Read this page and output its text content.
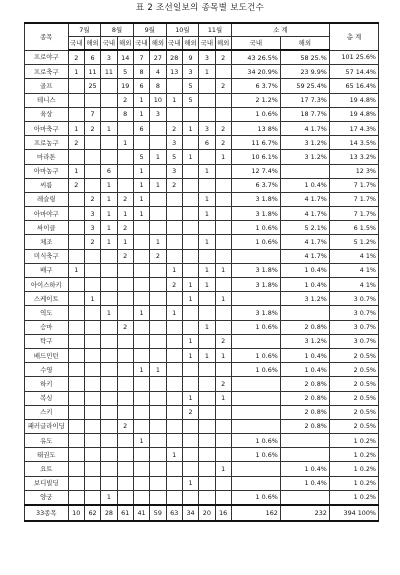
표 2 조선일보의 종목별 보도건수
종목	7월		8월		9월		10월		11월		소 계		총 계
	국내	해외	국내	해외	국내	해외	국내	해외	국내	해외	국내	해외	
프로야구	2	6	3	14	7	27	28	9	3	2	43 26.5%	58 25.%	101 25.6%
프로축구	1	11	11	5	8	4	13	3	1		34 20.9%	23 9.9%	57 14.4%
골프		25		19	6	8		5		2	6 3.7%	59 25.4%	65 16.4%
테니스				2	1	10	1	5			2 1.2%	17 7.3%	19 4.8%
육상		7		8	1	3					1 0.6%	18 7.7%	19 4.8%
아마축구	1	2	1		6		2	1	3	2	13 8%	4 1.7%	17 4.3%
프로농구	2			1			3		6	2	11 6.7%	3 1.2%	14 3.5%
마라톤					5	1	5	1		1	10 6.1%	3 1.2%	13 3.2%
아마농구	1		6		1		3		1		12 7.4%		12 3%
씨름	2		1		1	1	2				6 3.7%	1 0.4%	7 1.7%
레슬링		2	1	2	1				1		3 1.8%	4 1.7%	7 1.7%
아마야구		3	1	1	1				1		3 1.8%	4 1.7%	7 1.7%
싸이클		3	1	2							1 0.6%	5 2.1%	6 1.5%
체조		2	1	1		1			1		1 0.6%	4 1.7%	5 1.2%
미식축구				2		2						4 1.7%	4 1%
배구	1						1		1	1	3 1.8%	1 0.4%	4 1%
아이스하키							2	1	1		3 1.8%	1 0.4%	4 1%
스케이트		1						1		1		3 1.2%	3 0.7%
역도			1		1		1				3 1.8%		3 0.7%
승마				2					1		1 0.6%	2 0.8%	3 0.7%
탁구								1		2		3 1.2%	3 0.7%
배드민턴								1	1	1	1 0.6%	1 0.4%	2 0.5%
수영					1	1					1 0.6%	1 0.4%	2 0.5%
하키										2		2 0.8%	2 0.5%
복싱								1		1		2 0.8%	2 0.5%
스키								2				2 0.8%	2 0.5%
패러글라이딩				2								2 0.8%	2 0.5%
유도					1						1 0.6%		1 0.2%
태권도							1				1 0.6%		1 0.2%
요트										1		1 0.4%	1 0.2%
보디빌딩								1				1 0.4%	1 0.2%
양궁			1								1 0.6%		1 0.2%
33종목	10	62	28	61	41	59	63	34	20	16	162	232	394 100%
